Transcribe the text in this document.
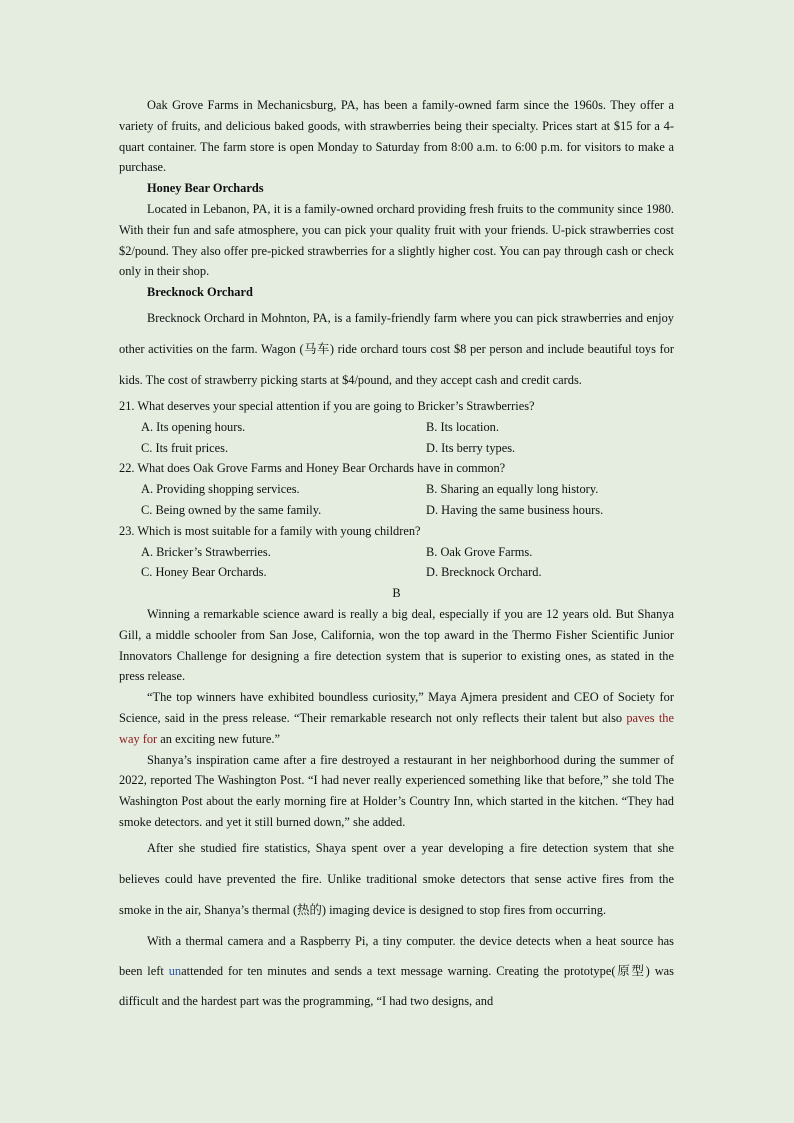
Oak Grove Farms in Mechanicsburg, PA, has been a family-owned farm since the 1960s. They offer a variety of fruits, and delicious baked goods, with strawberries being their specialty. Prices start at $15 for a 4-quart container. The farm store is open Monday to Saturday from 8:00 a.m. to 6:00 p.m. for visitors to make a purchase.

Honey Bear Orchards

Located in Lebanon, PA, it is a family-owned orchard providing fresh fruits to the community since 1980. With their fun and safe atmosphere, you can pick your quality fruit with your friends. U-pick strawberries cost $2/pound. They also offer pre-picked strawberries for a slightly higher cost. You can pay through cash or check only in their shop.

Brecknock Orchard

Brecknock Orchard in Mohnton, PA, is a family-friendly farm where you can pick strawberries and enjoy other activities on the farm. Wagon (马车) ride orchard tours cost $8 per person and include beautiful toys for kids. The cost of strawberry picking starts at $4/pound, and they accept cash and credit cards.

21. What deserves your special attention if you are going to Bricker’s Strawberries?

A. Its opening hours.	B. Its location.
C. Its fruit prices.	D. Its berry types.

22. What does Oak Grove Farms and Honey Bear Orchards have in common?

A. Providing shopping services.	B. Sharing an equally long history.
C. Being owned by the same family.	D. Having the same business hours.

23. Which is most suitable for a family with young children?

A. Bricker’s Strawberries.	B. Oak Grove Farms.
C. Honey Bear Orchards.	D. Brecknock Orchard.

B

Winning a remarkable science award is really a big deal, especially if you are 12 years old. But Shanya Gill, a middle schooler from San Jose, California, won the top award in the Thermo Fisher Scientific Junior Innovators Challenge for designing a fire detection system that is superior to existing ones, as stated in the press release.

“The top winners have exhibited boundless curiosity,” Maya Ajmera president and CEO of Society for Science, said in the press release. “Their remarkable research not only reflects their talent but also paves the way for an exciting new future.”

Shanya’s inspiration came after a fire destroyed a restaurant in her neighborhood during the summer of 2022, reported The Washington Post. “I had never really experienced something like that before,” she told The Washington Post about the early morning fire at Holder’s Country Inn, which started in the kitchen. “They had smoke detectors. and yet it still burned down,” she added.

After she studied fire statistics, Shaya spent over a year developing a fire detection system that she believes could have prevented the fire. Unlike traditional smoke detectors that sense active fires from the smoke in the air, Shanya’s thermal (热的) imaging device is designed to stop fires from occurring.

With a thermal camera and a Raspberry Pi, a tiny computer. the device detects when a heat source has been left unattended for ten minutes and sends a text message warning. Creating the prototype(原型) was difficult and the hardest part was the programming, “I had two designs, and
